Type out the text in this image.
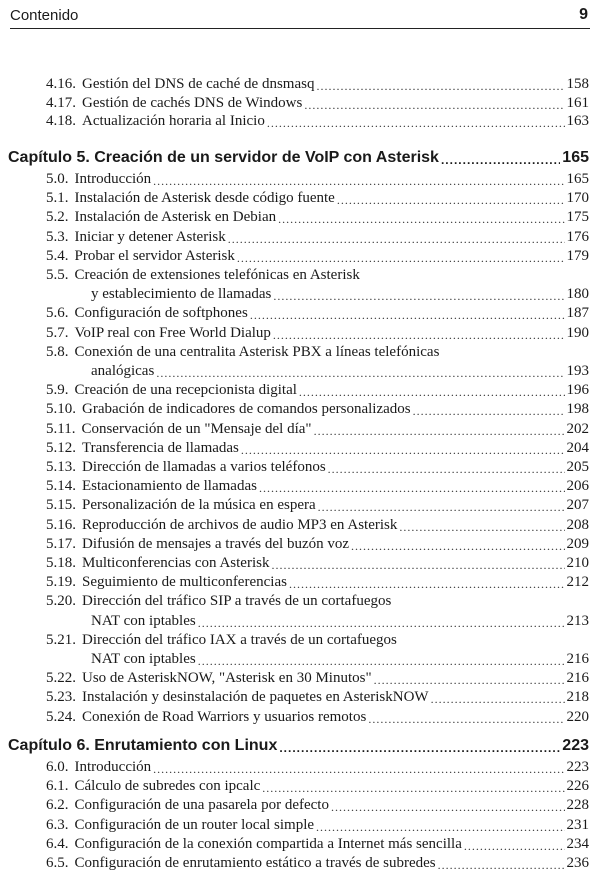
Contenido	9
4.16. Gestión del DNS de caché de dnsmasq .....	158
4.17. Gestión de cachés DNS de Windows .....	161
4.18. Actualización horaria al Inicio .....	163
Capítulo 5. Creación de un servidor de VoIP con Asterisk .....	165
5.0. Introducción .....	165
5.1. Instalación de Asterisk desde código fuente .....	170
5.2. Instalación de Asterisk en Debian .....	175
5.3. Iniciar y detener Asterisk .....	176
5.4. Probar el servidor Asterisk .....	179
5.5. Creación de extensiones telefónicas en Asterisk
y establecimiento de llamadas .....	180
5.6. Configuración de softphones .....	187
5.7. VoIP real con Free World Dialup .....	190
5.8. Conexión de una centralita Asterisk PBX a líneas telefónicas
analógicas .....	193
5.9. Creación de una recepcionista digital .....	196
5.10. Grabación de indicadores de comandos personalizados .....	198
5.11. Conservación de un "Mensaje del día" .....	202
5.12. Transferencia de llamadas .....	204
5.13. Dirección de llamadas a varios teléfonos .....	205
5.14. Estacionamiento de llamadas .....	206
5.15. Personalización de la música en espera .....	207
5.16. Reproducción de archivos de audio MP3 en Asterisk .....	208
5.17. Difusión de mensajes a través del buzón voz .....	209
5.18. Multiconferencias con Asterisk .....	210
5.19. Seguimiento de multiconferencias .....	212
5.20. Dirección del tráfico SIP a través de un cortafuegos
NAT con iptables .....	213
5.21. Dirección del tráfico IAX a través de un cortafuegos
NAT con iptables .....	216
5.22. Uso de AsteriskNOW, "Asterisk en 30 Minutos" .....	216
5.23. Instalación y desinstalación de paquetes en AsteriskNOW .....	218
5.24. Conexión de Road Warriors y usuarios remotos .....	220
Capítulo 6. Enrutamiento con Linux .....	223
6.0. Introducción .....	223
6.1. Cálculo de subredes con ipcalc .....	226
6.2. Configuración de una pasarela por defecto .....	228
6.3. Configuración de un router local simple .....	231
6.4. Configuración de la conexión compartida a Internet más sencilla .....	234
6.5. Configuración de enrutamiento estático a través de subredes .....	236
